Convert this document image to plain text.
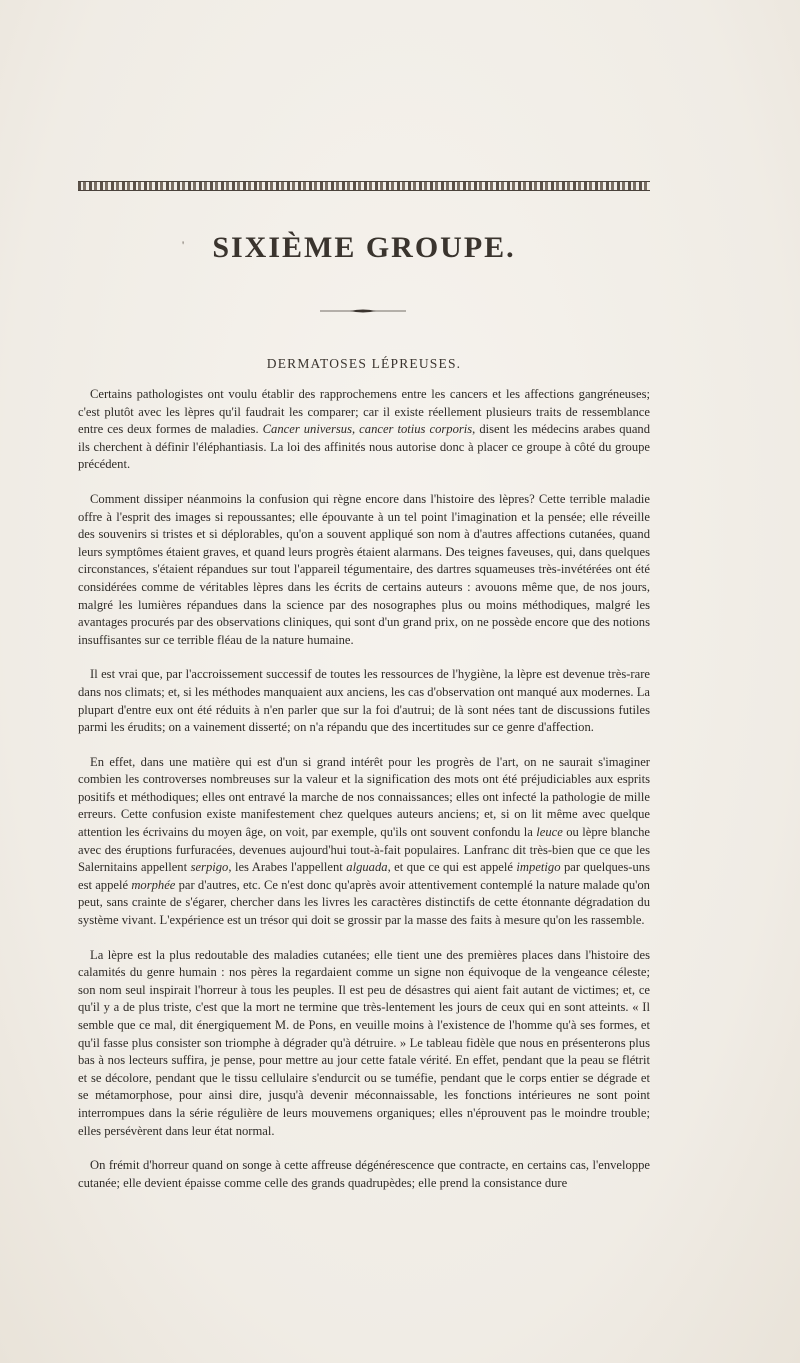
' SIXIÈME GROUPE.
DERMATOSES LÉPREUSES.

Certains pathologistes ont voulu établir des rapprochemens entre les cancers et les affections gangréneuses; c'est plutôt avec les lèpres qu'il faudrait les comparer; car il existe réellement plusieurs traits de ressemblance entre ces deux formes de maladies. Cancer universus, cancer totius corporis, disent les médecins arabes quand ils cherchent à définir l'éléphantiasis. La loi des affinités nous autorise donc à placer ce groupe à côté du groupe précédent.

Comment dissiper néanmoins la confusion qui règne encore dans l'histoire des lèpres? Cette terrible maladie offre à l'esprit des images si repoussantes; elle épouvante à un tel point l'imagination et la pensée; elle réveille des souvenirs si tristes et si déplorables, qu'on a souvent appliqué son nom à d'autres affections cutanées, quand leurs symptômes étaient graves, et quand leurs progrès étaient alarmans. Des teignes faveuses, qui, dans quelques circonstances, s'étaient répandues sur tout l'appareil tégumentaire, des dartres squameuses très-invétérées ont été considérées comme de véritables lèpres dans les écrits de certains auteurs : avouons même que, de nos jours, malgré les lumières répandues dans la science par des nosographes plus ou moins méthodiques, malgré les avantages procurés par des observations cliniques, qui sont d'un grand prix, on ne possède encore que des notions insuffisantes sur ce terrible fléau de la nature humaine.

Il est vrai que, par l'accroissement successif de toutes les ressources de l'hygiène, la lèpre est devenue très-rare dans nos climats; et, si les méthodes manquaient aux anciens, les cas d'observation ont manqué aux modernes. La plupart d'entre eux ont été réduits à n'en parler que sur la foi d'autrui; de là sont nées tant de discussions futiles parmi les érudits; on a vainement disserté; on n'a répandu que des incertitudes sur ce genre d'affection.

En effet, dans une matière qui est d'un si grand intérêt pour les progrès de l'art, on ne saurait s'imaginer combien les controverses nombreuses sur la valeur et la signification des mots ont été préjudiciables aux esprits positifs et méthodiques; elles ont entravé la marche de nos connaissances; elles ont infecté la pathologie de mille erreurs. Cette confusion existe manifestement chez quelques auteurs anciens; et, si on lit même avec quelque attention les écrivains du moyen âge, on voit, par exemple, qu'ils ont souvent confondu la leuce ou lèpre blanche avec des éruptions furfuracées, devenues aujourd'hui tout-à-fait populaires. Lanfranc dit très-bien que ce que les Salernitains appellent serpigo, les Arabes l'appellent alguada, et que ce qui est appelé impetigo par quelques-uns est appelé morphée par d'autres, etc. Ce n'est donc qu'après avoir attentivement contemplé la nature malade qu'on peut, sans crainte de s'égarer, chercher dans les livres les caractères distinctifs de cette étonnante dégradation du système vivant. L'expérience est un trésor qui doit se grossir par la masse des faits à mesure qu'on les rassemble.

La lèpre est la plus redoutable des maladies cutanées; elle tient une des premières places dans l'histoire des calamités du genre humain : nos pères la regardaient comme un signe non équivoque de la vengeance céleste; son nom seul inspirait l'horreur à tous les peuples. Il est peu de désastres qui aient fait autant de victimes; et, ce qu'il y a de plus triste, c'est que la mort ne termine que très-lentement les jours de ceux qui en sont atteints. « Il semble que ce mal, dit énergiquement M. de Pons, en veuille moins à l'existence de l'homme qu'à ses formes, et qu'il fasse plus consister son triomphe à dégrader qu'à détruire. » Le tableau fidèle que nous en présenterons plus bas à nos lecteurs suffira, je pense, pour mettre au jour cette fatale vérité. En effet, pendant que la peau se flétrit et se décolore, pendant que le tissu cellulaire s'endurcit ou se tuméfie, pendant que le corps entier se dégrade et se métamorphose, pour ainsi dire, jusqu'à devenir méconnaissable, les fonctions intérieures ne sont point interrompues dans la série régulière de leurs mouvemens organiques; elles n'éprouvent pas le moindre trouble; elles persévèrent dans leur état normal.

On frémit d'horreur quand on songe à cette affreuse dégénérescence que contracte, en certains cas, l'enveloppe cutanée; elle devient épaisse comme celle des grands quadrupèdes; elle prend la consistance dure
